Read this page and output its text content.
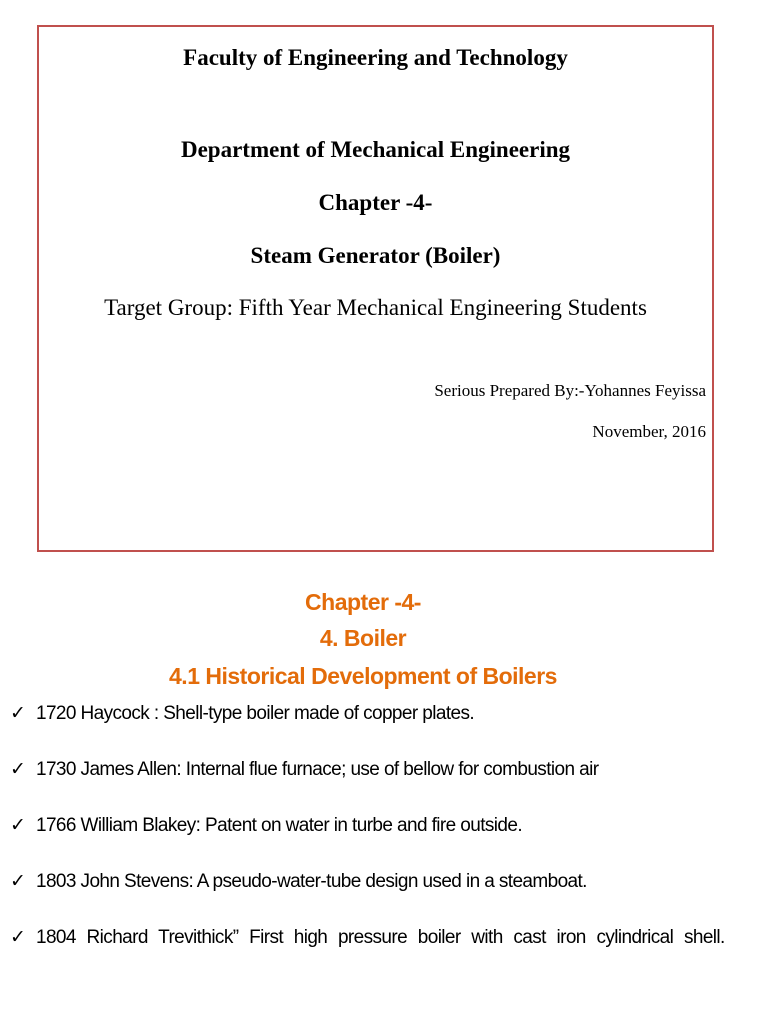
Faculty of Engineering and Technology

Department of Mechanical Engineering

Chapter -4-

Steam Generator (Boiler)

Target Group: Fifth Year Mechanical Engineering Students

Serious Prepared By:-Yohannes Feyissa

November, 2016

Chapter -4-
4. Boiler
4.1 Historical Development of Boilers
✓ 1720 Haycock : Shell-type boiler made of copper plates.
✓ 1730 James Allen: Internal flue furnace; use of bellow for combustion air
✓ 1766 William Blakey: Patent on water in turbe and fire outside.
✓ 1803 John Stevens: A pseudo-water-tube design used in a steamboat.
✓ 1804 Richard Trevithick” First high pressure boiler with cast iron cylindrical shell.
